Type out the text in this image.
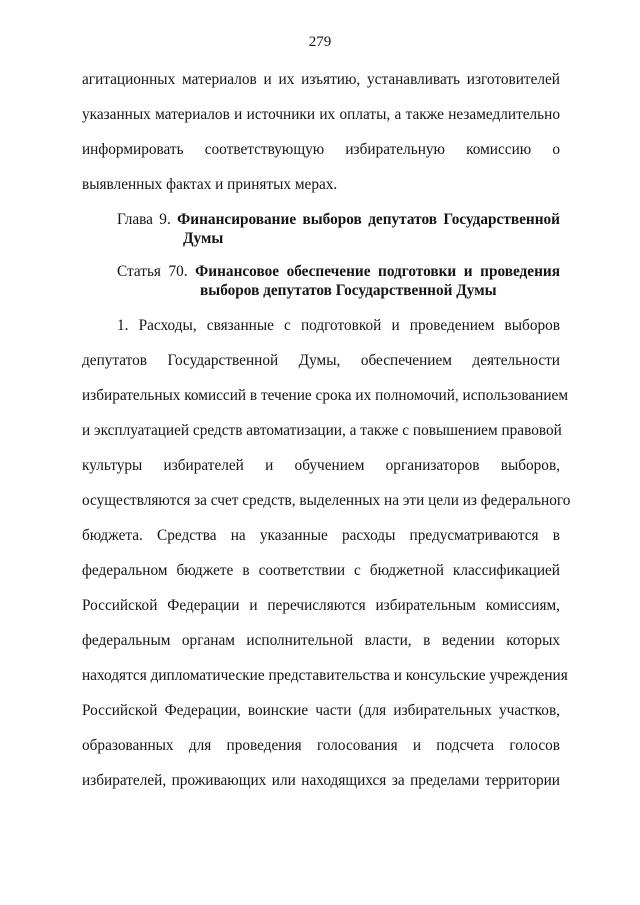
279
агитационных материалов и их изъятию, устанавливать изготовителей
указанных материалов и источники их оплаты, а также незамедлительно
информировать соответствующую избирательную комиссию о
выявленных фактах и принятых мерах.
Глава 9. Финансирование выборов депутатов Государственной
Думы
Статья 70. Финансовое обеспечение подготовки и проведения
выборов депутатов Государственной Думы
1. Расходы, связанные с подготовкой и проведением выборов
депутатов Государственной Думы, обеспечением деятельности
избирательных комиссий в течение срока их полномочий, использованием
и эксплуатацией средств автоматизации, а также с повышением правовой
культуры избирателей и обучением организаторов выборов,
осуществляются за счет средств, выделенных на эти цели из федерального
бюджета. Средства на указанные расходы предусматриваются в
федеральном бюджете в соответствии с бюджетной классификацией
Российской Федерации и перечисляются избирательным комиссиям,
федеральным органам исполнительной власти, в ведении которых
находятся дипломатические представительства и консульские учреждения
Российской Федерации, воинские части (для избирательных участков,
образованных для проведения голосования и подсчета голосов
избирателей, проживающих или находящихся за пределами территории
